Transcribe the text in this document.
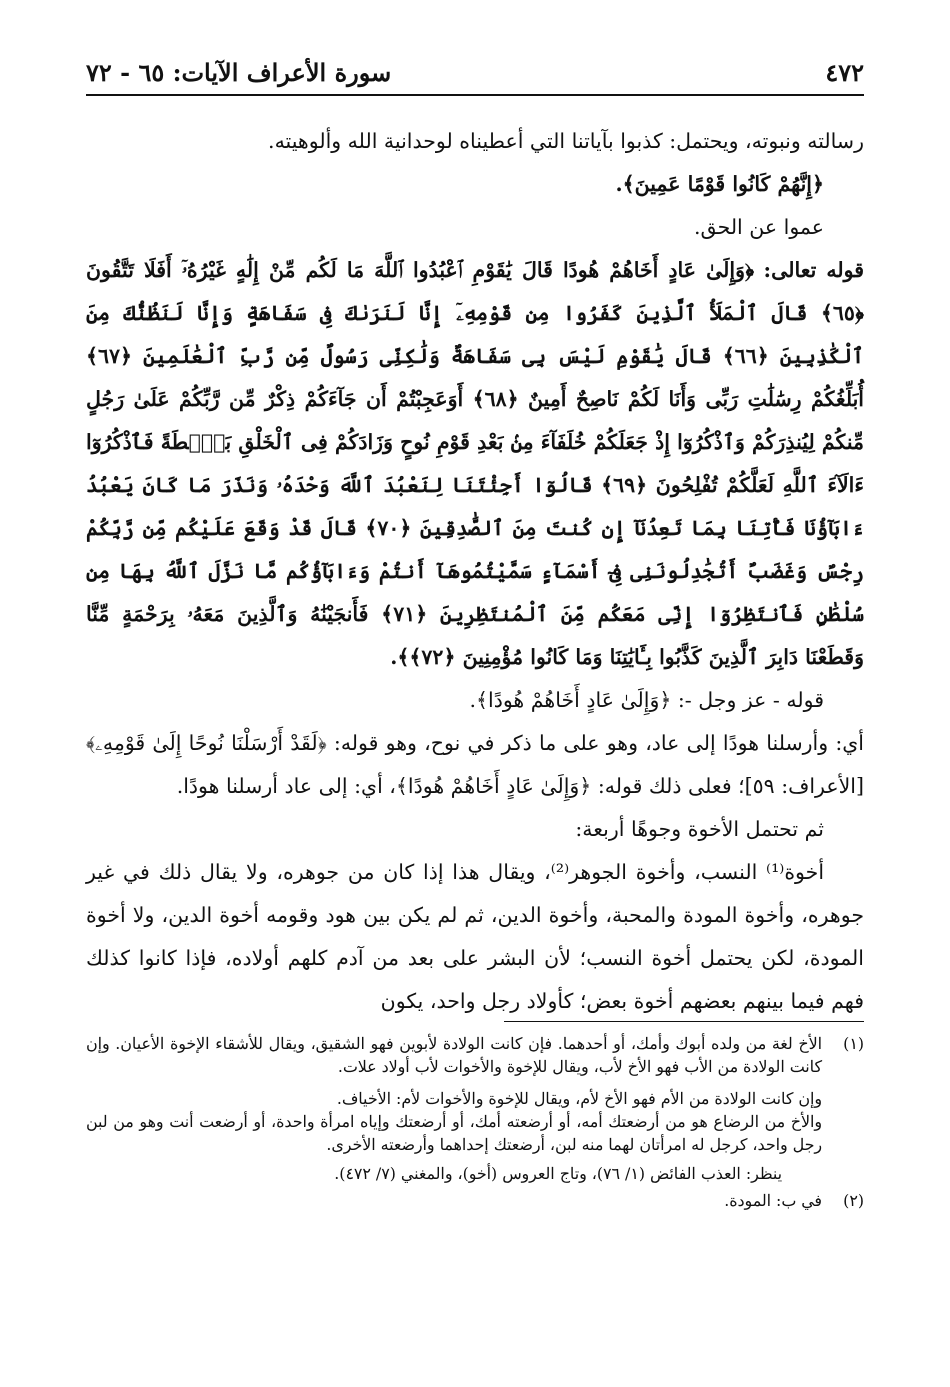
٤٧٢
سورة الأعراف الآيات: ٦٥ - ٧٢

رسالته ونبوته، ويحتمل: كذبوا بآياتنا التي أعطيناه لوحدانية الله وألوهيته.

﴿إِنَّهُمْ كَانُوا قَوْمًا عَمِينَ﴾.

عموا عن الحق.

قوله تعالى: ﴿وَإِلَىٰ عَادٍ أَخَاهُمْ هُودًا قَالَ يَٰقَوْمِ ٱعْبُدُوا ٱللَّهَ مَا لَكُم مِّنْ إِلَٰهٍ غَيْرُهُۥٓ أَفَلَا تَتَّقُونَ ﴿٦٥﴾ قَالَ ٱلْمَلَأُ ٱلَّذِينَ كَفَرُوا مِن قَوْمِهِۦٓ إِنَّا لَنَرَىٰكَ فِى سَفَاهَةٍ وَإِنَّا لَنَظُنُّكَ مِنَ ٱلْكَٰذِبِينَ ﴿٦٦﴾ قَالَ يَٰقَوْمِ لَيْسَ بِى سَفَاهَةٌ وَلَٰكِنِّى رَسُولٌ مِّن رَّبِّ ٱلْعَٰلَمِينَ ﴿٦٧﴾ أُبَلِّغُكُمْ رِسَٰلَٰتِ رَبِّى وَأَنَا لَكُمْ نَاصِحٌ أَمِينٌ ﴿٦٨﴾ أَوَعَجِبْتُمْ أَن جَآءَكُمْ ذِكْرٌ مِّن رَّبِّكُمْ عَلَىٰ رَجُلٍ مِّنكُمْ لِيُنذِرَكُمْ وَٱذْكُرُوٓا إِذْ جَعَلَكُمْ خُلَفَآءَ مِنۢ بَعْدِ قَوْمِ نُوحٍ وَزَادَكُمْ فِى ٱلْخَلْقِ بَصْۜطَةً فَٱذْكُرُوٓا ءَالَآءَ ٱللَّهِ لَعَلَّكُمْ تُفْلِحُونَ ﴿٦٩﴾ قَالُوٓا أَجِئْتَنَا لِنَعْبُدَ ٱللَّهَ وَحْدَهُۥ وَنَذَرَ مَا كَانَ يَعْبُدُ ءَابَآؤُنَا فَأْتِنَا بِمَا تَعِدُنَآ إِن كُنتَ مِنَ ٱلصَّٰدِقِينَ ﴿٧٠﴾ قَالَ قَدْ وَقَعَ عَلَيْكُم مِّن رَّبِّكُمْ رِجْسٌ وَغَضَبٌ أَتُجَٰدِلُونَنِى فِىٓ أَسْمَآءٍ سَمَّيْتُمُوهَآ أَنتُمْ وَءَابَآؤُكُم مَّا نَزَّلَ ٱللَّهُ بِهَا مِن سُلْطَٰنٍ فَٱنتَظِرُوٓا إِنِّى مَعَكُم مِّنَ ٱلْمُنتَظِرِينَ ﴿٧١﴾ فَأَنجَيْنَٰهُ وَٱلَّذِينَ مَعَهُۥ بِرَحْمَةٍ مِّنَّا وَقَطَعْنَا دَابِرَ ٱلَّذِينَ كَذَّبُوا بِـَٔايَٰتِنَا وَمَا كَانُوا مُؤْمِنِينَ ﴿٧٢﴾﴾.

قوله - عز وجل -: ﴿وَإِلَىٰ عَادٍ أَخَاهُمْ هُودًا﴾.

أي: وأرسلنا هودًا إلى عاد، وهو على ما ذكر في نوح، وهو قوله: ﴿لَقَدْ أَرْسَلْنَا نُوحًا إِلَىٰ قَوْمِهِۦ﴾ [الأعراف: ٥٩]؛ فعلى ذلك قوله: ﴿وَإِلَىٰ عَادٍ أَخَاهُمْ هُودًا﴾، أي: إلى عاد أرسلنا هودًا.

ثم تحتمل الأخوة وجوهًا أربعة:

أخوة⁽¹⁾ النسب، وأخوة الجوهر⁽²⁾، ويقال هذا إذا كان من جوهره، ولا يقال ذلك في غير جوهره، وأخوة المودة والمحبة، وأخوة الدين، ثم لم يكن بين هود وقومه أخوة الدين، ولا أخوة المودة، لكن يحتمل أخوة النسب؛ لأن البشر على بعد من آدم كلهم أولاده، فإذا كانوا كذلك فهم فيما بينهم بعضهم أخوة بعض؛ كأولاد رجل واحد، يكون

(١)

الأخ لغة من ولده أبوك وأمك، أو أحدهما. فإن كانت الولادة لأبوين فهو الشقيق، ويقال للأشقاء الإخوة الأعيان. وإن كانت الولادة من الأب فهو الأخ لأب، ويقال للإخوة والأخوات لأب أولاد علات.

وإن كانت الولادة من الأم فهو الأخ لأم، ويقال للإخوة والأخوات لأم: الأخياف.

والأخ من الرضاع هو من أرضعتك أمه، أو أرضعته أمك، أو أرضعتك وإياه امرأة واحدة، أو أرضعت أنت وهو من لبن رجل واحد، كرجل له امرأتان لهما منه لبن، أرضعتك إحداهما وأرضعته الأخرى.

ينظر: العذب الفائض (١/ ٧٦)، وتاج العروس (أخو)، والمغني (٧/ ٤٧٢).

(٢)

في ب: المودة.
